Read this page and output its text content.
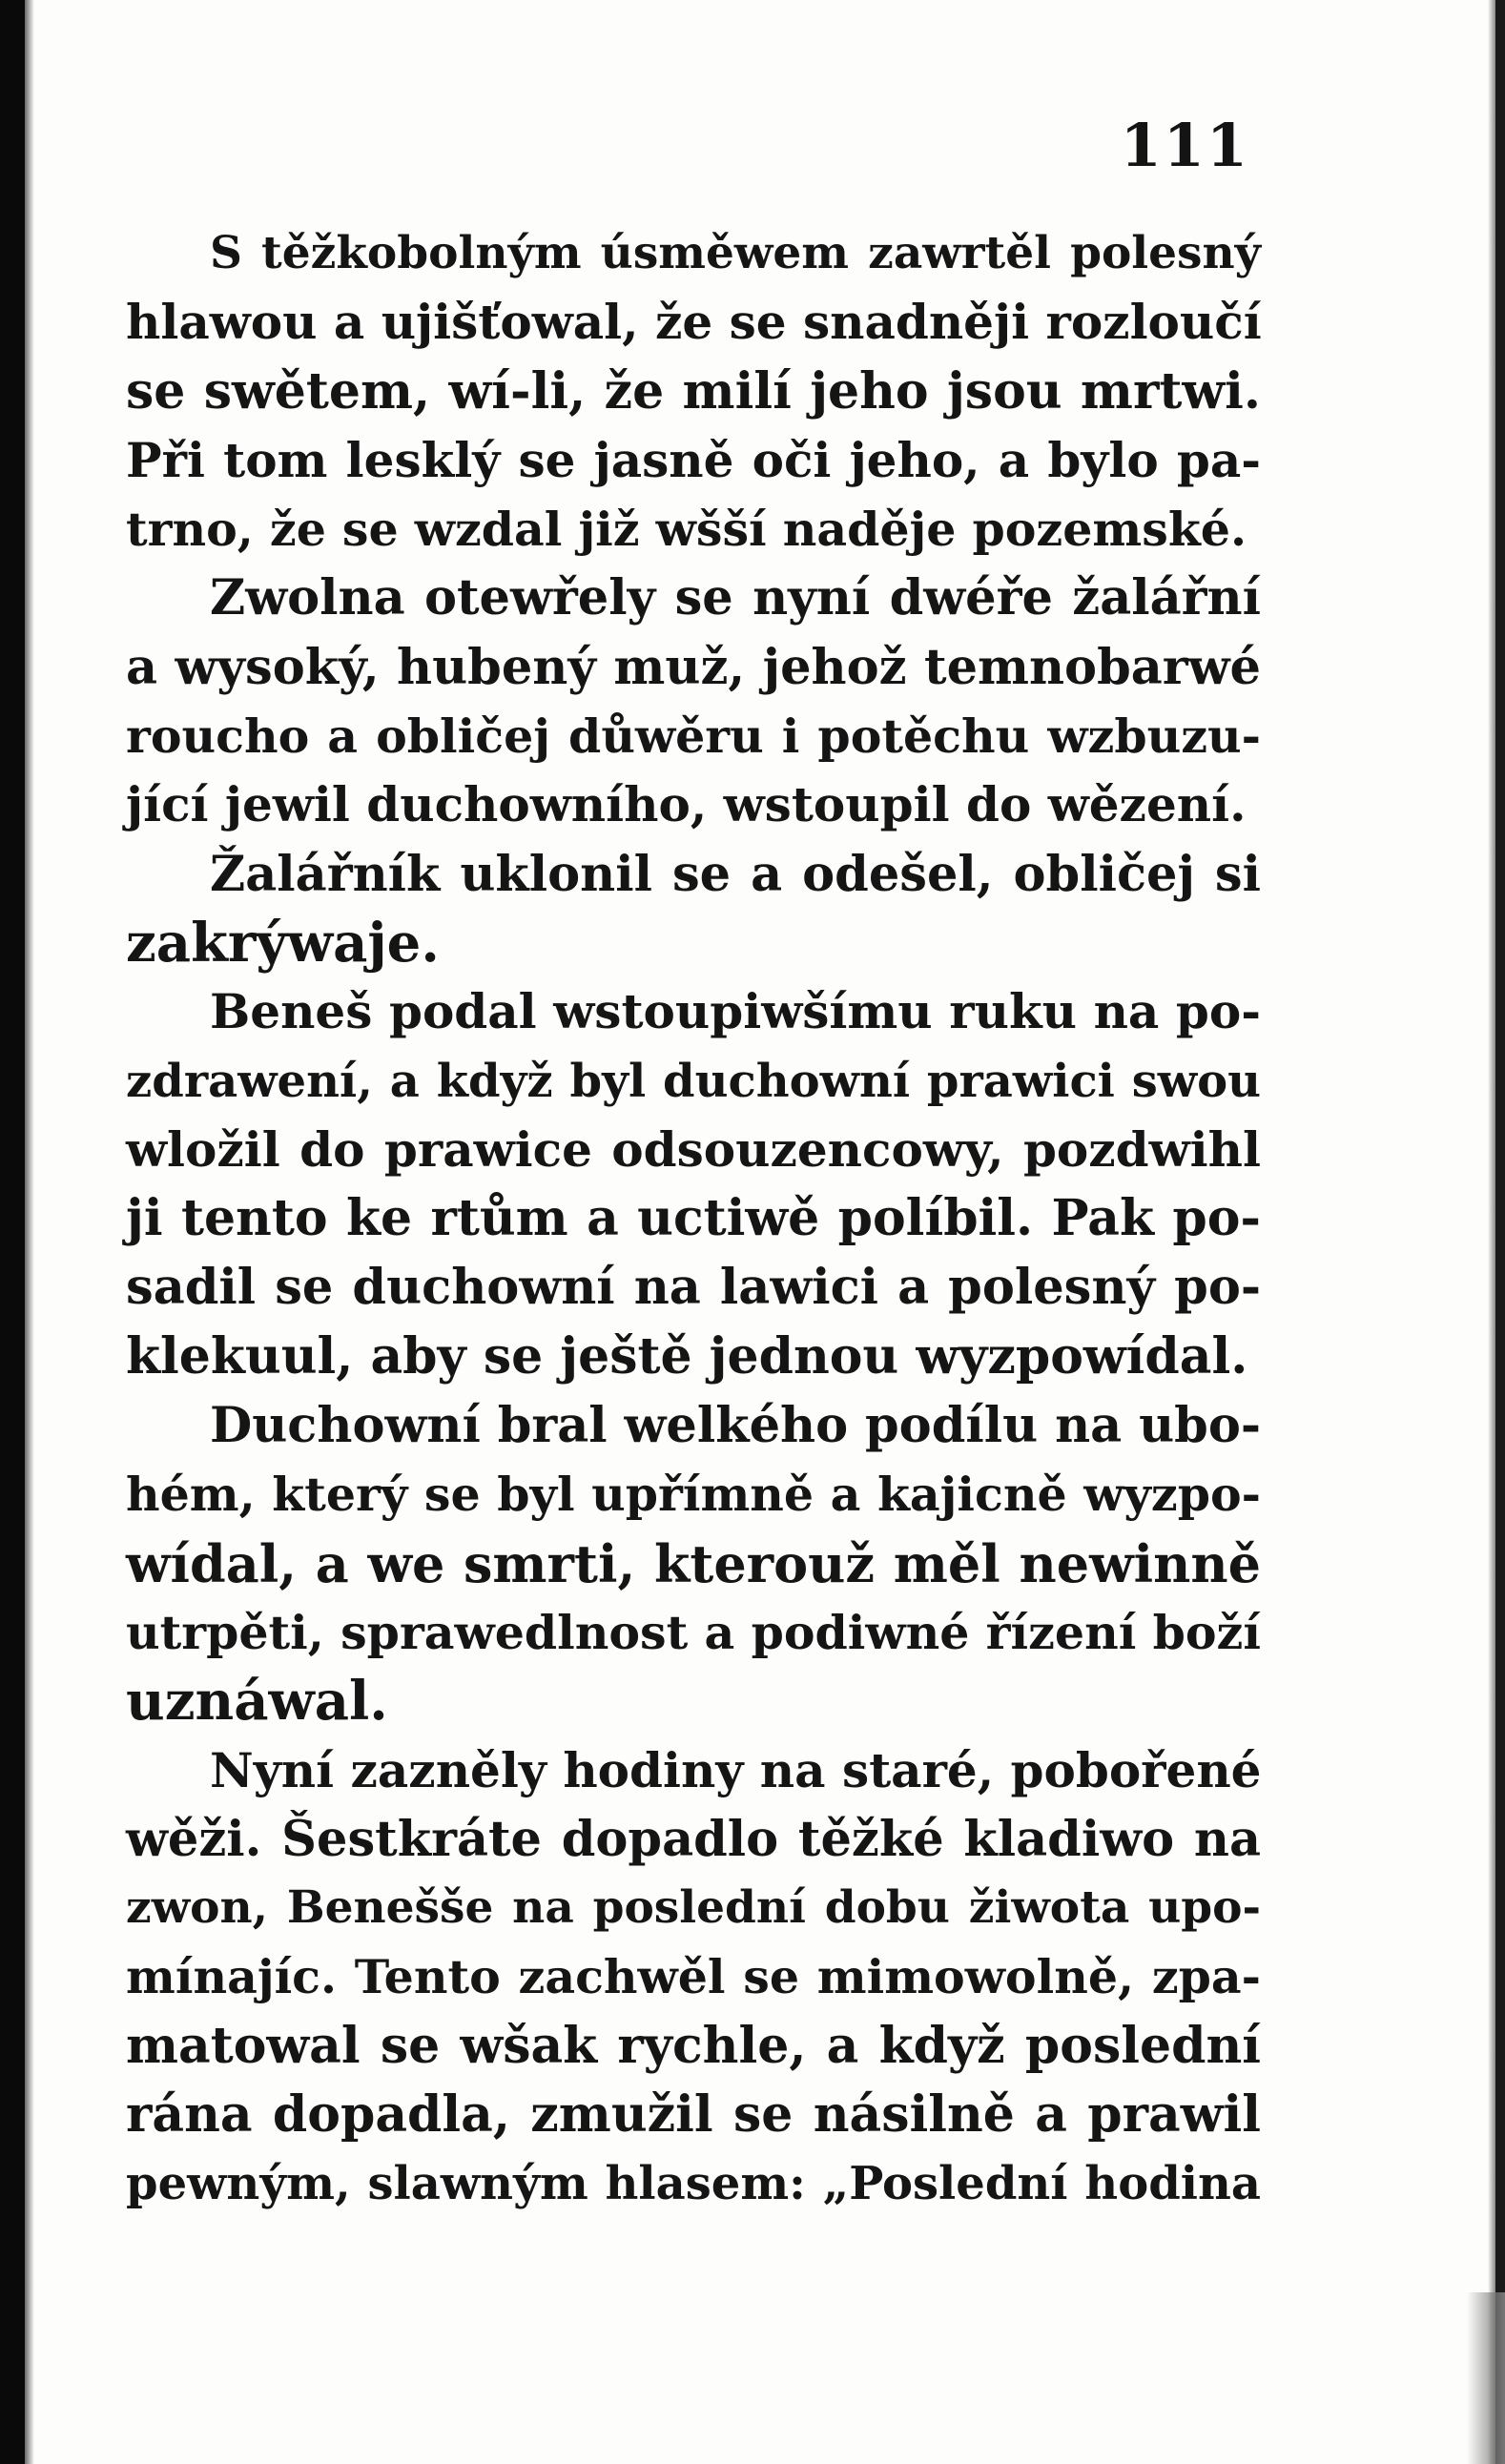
111
S těžkobolným úsměwem zawrtěl polesný
hlawou a ujišťowal, že se snadněji rozloučí
se swětem, wí-li, že milí jeho jsou mrtwi.
Při tom lesklý se jasně oči jeho, a bylo pa-
trno, že se wzdal již wšší naděje pozemské.
Zwolna otewřely se nyní dwéře žalářní
a wysoký, hubený muž, jehož temnobarwé
roucho a obličej důwěru i potěchu wzbuzu-
jící jewil duchowního, wstoupil do wězení.
Žalářník uklonil se a odešel, obličej si
zakrýwaje.
Beneš podal wstoupiwšímu ruku na po-
zdrawení, a když byl duchowní prawici swou
wložil do prawice odsouzencowy, pozdwihl
ji tento ke rtům a uctiwě políbil. Pak po-
sadil se duchowní na lawici a polesný po-
klekuul, aby se ještě jednou wyzpowídal.
Duchowní bral welkého podílu na ubo-
hém, který se byl upřímně a kajicně wyzpo-
wídal, a we smrti, kterouž měl newinně
utrpěti, sprawedlnost a podiwné řízení boží
uznáwal.
Nyní zazněly hodiny na staré, pobořené
wěži. Šestkráte dopadlo těžké kladiwo na
zwon, Benešše na poslední dobu žiwota upo-
mínajíc. Tento zachwěl se mimowolně, zpa-
matowal se wšak rychle, a když poslední
rána dopadla, zmužil se násilně a prawil
pewným, slawným hlasem: „Poslední hodina
